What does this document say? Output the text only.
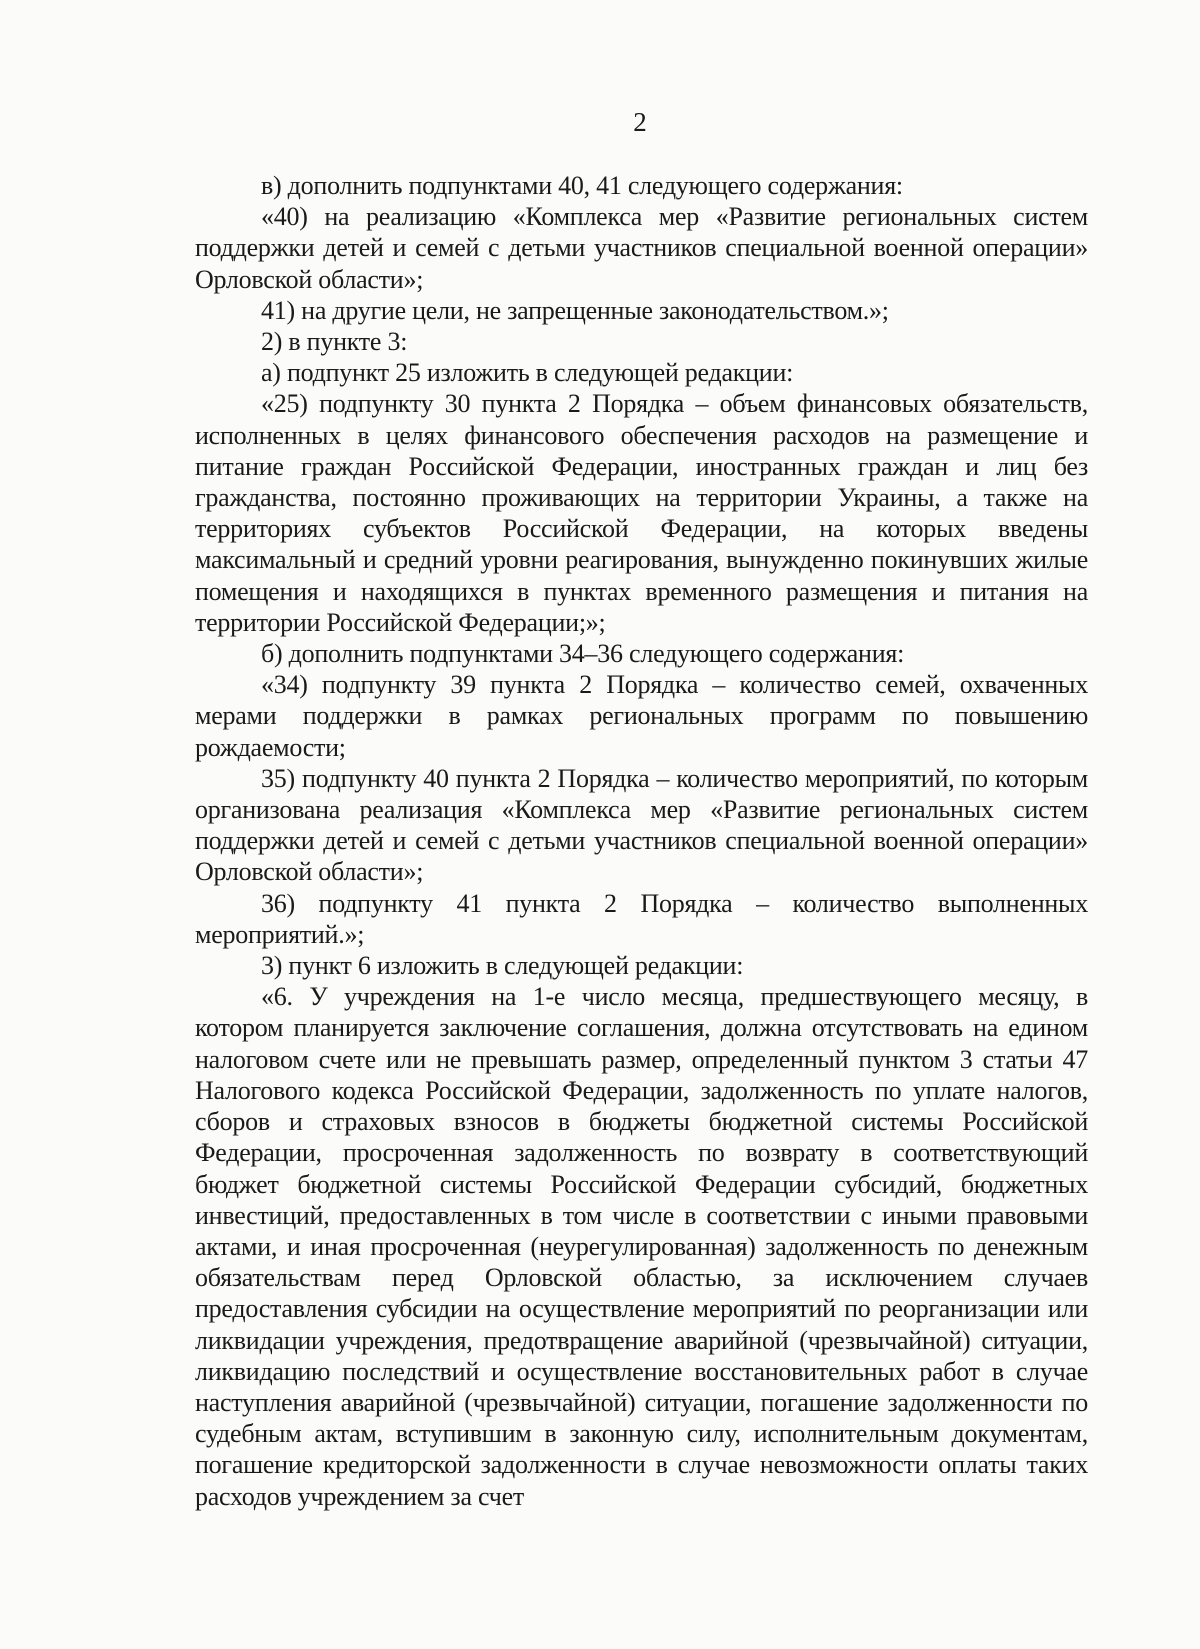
2

в) дополнить подпунктами 40, 41 следующего содержания:

«40) на реализацию «Комплекса мер «Развитие региональных систем поддержки детей и семей с детьми участников специальной военной операции» Орловской области»;

41) на другие цели, не запрещенные законодательством.»;

2) в пункте 3:

а) подпункт 25 изложить в следующей редакции:

«25) подпункту 30 пункта 2 Порядка – объем финансовых обязательств, исполненных в целях финансового обеспечения расходов на размещение и питание граждан Российской Федерации, иностранных граждан и лиц без гражданства, постоянно проживающих на территории Украины, а также на территориях субъектов Российской Федерации, на которых введены максимальный и средний уровни реагирования, вынужденно покинувших жилые помещения и находящихся в пунктах временного размещения и питания на территории Российской Федерации;»;

б) дополнить подпунктами 34–36 следующего содержания:

«34) подпункту 39 пункта 2 Порядка – количество семей, охваченных мерами поддержки в рамках региональных программ по повышению рождаемости;

35) подпункту 40 пункта 2 Порядка – количество мероприятий, по которым организована реализация «Комплекса мер «Развитие региональных систем поддержки детей и семей с детьми участников специальной военной операции» Орловской области»;

36) подпункту 41 пункта 2 Порядка – количество выполненных мероприятий.»;

3) пункт 6 изложить в следующей редакции:

«6. У учреждения на 1-е число месяца, предшествующего месяцу, в котором планируется заключение соглашения, должна отсутствовать на едином налоговом счете или не превышать размер, определенный пунктом 3 статьи 47 Налогового кодекса Российской Федерации, задолженность по уплате налогов, сборов и страховых взносов в бюджеты бюджетной системы Российской Федерации, просроченная задолженность по возврату в соответствующий бюджет бюджетной системы Российской Федерации субсидий, бюджетных инвестиций, предоставленных в том числе в соответствии с иными правовыми актами, и иная просроченная (неурегулированная) задолженность по денежным обязательствам перед Орловской областью, за исключением случаев предоставления субсидии на осуществление мероприятий по реорганизации или ликвидации учреждения, предотвращение аварийной (чрезвычайной) ситуации, ликвидацию последствий и осуществление восстановительных работ в случае наступления аварийной (чрезвычайной) ситуации, погашение задолженности по судебным актам, вступившим в законную силу, исполнительным документам, погашение кредиторской задолженности в случае невозможности оплаты таких расходов учреждением за счет
